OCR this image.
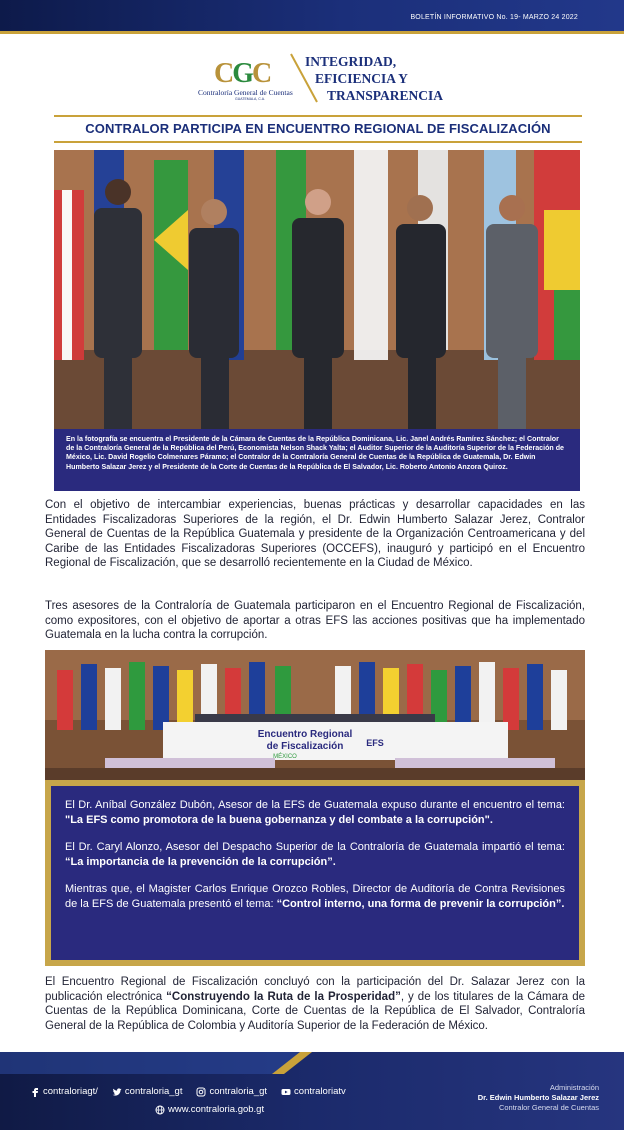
BOLETÍN INFORMATIVO No. 19- MARZO 24 2022
CGC
Contraloría General de Cuentas
GUATEMALA, C.A.
INTEGRIDAD,
EFICIENCIA Y
TRANSPARENCIA
CONTRALOR PARTICIPA EN ENCUENTRO REGIONAL DE FISCALIZACIÓN
En la fotografía se encuentra el Presidente de la Cámara de Cuentas de la República Dominicana, Lic. Janel Andrés Ramírez Sánchez; el Contralor de la Contraloría General de la República del Perú, Economista Nelson Shack Yalta; el Auditor Superior de la Auditoría Superior de la Federación de México, Lic. David Rogelio Colmenares Páramo; el Contralor de la Contraloría General de Cuentas de la República de Guatemala, Dr. Edwin Humberto Salazar Jerez y el Presidente de la Corte de Cuentas de la República de El Salvador, Lic. Roberto Antonio Anzora Quiroz.
Con el objetivo de intercambiar experiencias, buenas prácticas y desarrollar capacidades en las Entidades Fiscalizadoras Superiores de la región, el Dr. Edwin Humberto Salazar Jerez, Contralor General de Cuentas de la República Guatemala y presidente de la Organización Centroamericana y del Caribe de las Entidades Fiscalizadoras Superiores (OCCEFS), inauguró y participó en el Encuentro Regional de Fiscalización, que se desarrolló recientemente en la Ciudad de México.
Tres asesores de la Contraloría de Guatemala participaron en el Encuentro Regional de Fiscalización, como expositores, con el objetivo de aportar a otras EFS las acciones positivas que ha implementado Guatemala en la lucha contra la corrupción.
Encuentro Regional
de Fiscalización
MÉXICO
EFS

El Dr. Aníbal González Dubón, Asesor de la EFS de Guatemala expuso durante el encuentro el tema: "La EFS como promotora de la buena gobernanza y del combate a la corrupción".

El Dr. Caryl Alonzo, Asesor del Despacho Superior de la Contraloría de Guatemala impartió el tema: “La importancia de la prevención de la corrupción”.

Mientras que, el Magister Carlos Enrique Orozco Robles, Director de Auditoría de Contra Revisiones de la EFS de Guatemala presentó el tema: “Control interno, una forma de prevenir la corrupción”.

El Encuentro Regional de Fiscalización concluyó con la participación del Dr. Salazar Jerez con la publicación electrónica “Construyendo la Ruta de la Prosperidad”, y de los titulares de la Cámara de Cuentas de la República Dominicana, Corte de Cuentas de la República de El Salvador, Contraloría General de la República de Colombia y Auditoría Superior de la Federación de México.
contraloriagt/	contraloria_gt	contraloria_gt	contraloriatv
www.contraloria.gob.gt
Administración
Dr. Edwin Humberto Salazar Jerez
Contralor General de Cuentas
